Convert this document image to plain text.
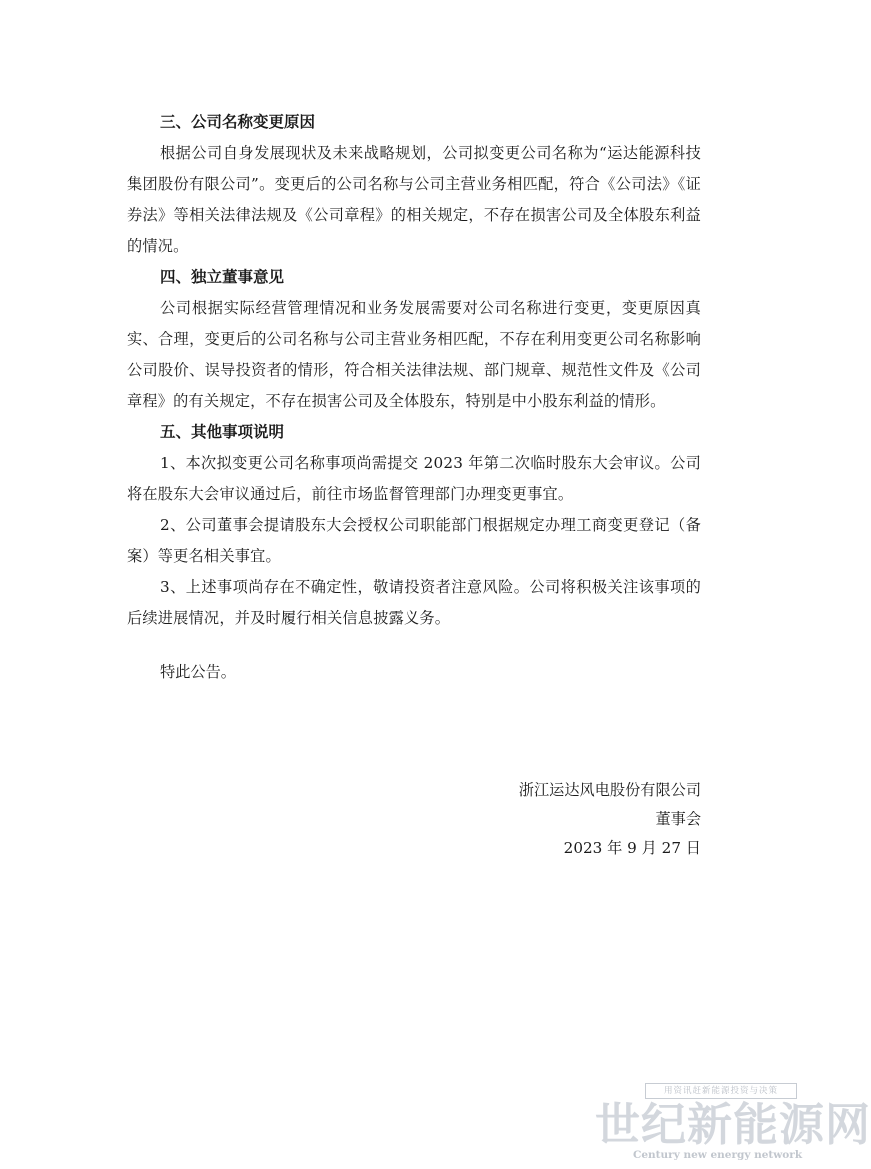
三、公司名称变更原因

根据公司自身发展现状及未来战略规划，公司拟变更公司名称为“运达能源科技集团股份有限公司”。变更后的公司名称与公司主营业务相匹配，符合《公司法》《证券法》等相关法律法规及《公司章程》的相关规定，不存在损害公司及全体股东利益的情况。

四、独立董事意见

公司根据实际经营管理情况和业务发展需要对公司名称进行变更，变更原因真实、合理，变更后的公司名称与公司主营业务相匹配，不存在利用变更公司名称影响公司股价、误导投资者的情形，符合相关法律法规、部门规章、规范性文件及《公司章程》的有关规定，不存在损害公司及全体股东，特别是中小股东利益的情形。

五、其他事项说明

1、本次拟变更公司名称事项尚需提交 2023 年第二次临时股东大会审议。公司将在股东大会审议通过后，前往市场监督管理部门办理变更事宜。

2、公司董事会提请股东大会授权公司职能部门根据规定办理工商变更登记（备案）等更名相关事宜。

3、上述事项尚存在不确定性，敬请投资者注意风险。公司将积极关注该事项的后续进展情况，并及时履行相关信息披露义务。

特此公告。

浙江运达风电股份有限公司
董事会
2023 年 9 月 27 日
用资讯赶新能源投资与决策
世纪新能源网
Century new energy network
